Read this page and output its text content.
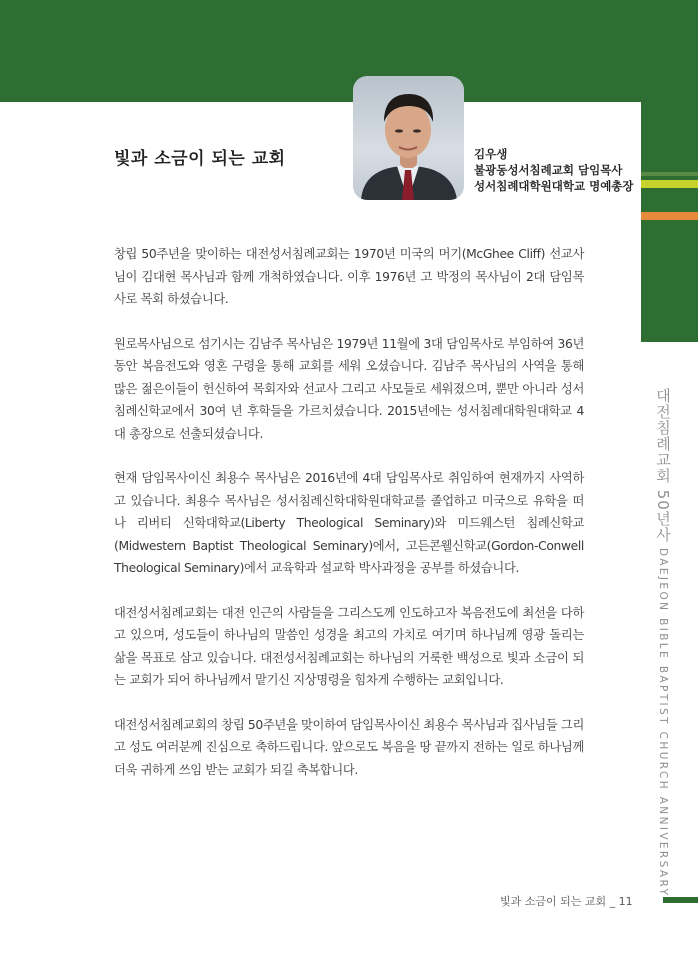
빛과 소금이 되는 교회	김우생
불광동성서침례교회 담임목사
성서침례대학원대학교 명예총장

창립 50주년을 맞이하는 대전성서침례교회는 1970년 미국의 머기(McGhee Cliff) 선교사님이 김대현 목사님과 함께 개척하였습니다. 이후 1976년 고 박정의 목사님이 2대 담임목사로 목회 하셨습니다.

원로목사님으로 섬기시는 김남주 목사님은 1979년 11월에 3대 담임목사로 부임하여 36년 동안 복음전도와 영혼 구령을 통해 교회를 세워 오셨습니다. 김남주 목사님의 사역을 통해 많은 젊은이들이 헌신하여 목회자와 선교사 그리고 사모들로 세워졌으며, 뿐만 아니라 성서침례신학교에서 30여 년 후학들을 가르치셨습니다. 2015년에는 성서침례대학원대학교 4대 총장으로 선출되셨습니다.

현재 담임목사이신 최용수 목사님은 2016년에 4대 담임목사로 취임하여 현재까지 사역하고 있습니다. 최용수 목사님은 성서침례신학대학원대학교를 졸업하고 미국으로 유학을 떠나 리버티 신학대학교(Liberty Theological Seminary)와 미드웨스턴 침례신학교(Midwestern Baptist Theological Seminary)에서, 고든콘웰신학교(Gordon-Conwell Theological Seminary)에서 교육학과 설교학 박사과정을 공부를 하셨습니다.

대전성서침례교회는 대전 인근의 사람들을 그리스도께 인도하고자 복음전도에 최선을 다하고 있으며, 성도들이 하나님의 말씀인 성경을 최고의 가치로 여기며 하나님께 영광 돌리는 삶을 목표로 삼고 있습니다. 대전성서침례교회는 하나님의 거룩한 백성으로 빛과 소금이 되는 교회가 되어 하나님께서 맡기신 지상명령을 힘차게 수행하는 교회입니다.

대전성서침례교회의 창립 50주년을 맞이하여 담임목사이신 최용수 목사님과 집사님들 그리고 성도 여러분께 진심으로 축하드립니다. 앞으로도 복음을 땅 끝까지 전하는 일로 하나님께 더욱 귀하게 쓰임 받는 교회가 되길 축복합니다.

대전침례교회 50년사 DAEJEON BIBLE BAPTIST CHURCH ANNIVERSARY
빛과 소금이 되는 교회 _ 11
